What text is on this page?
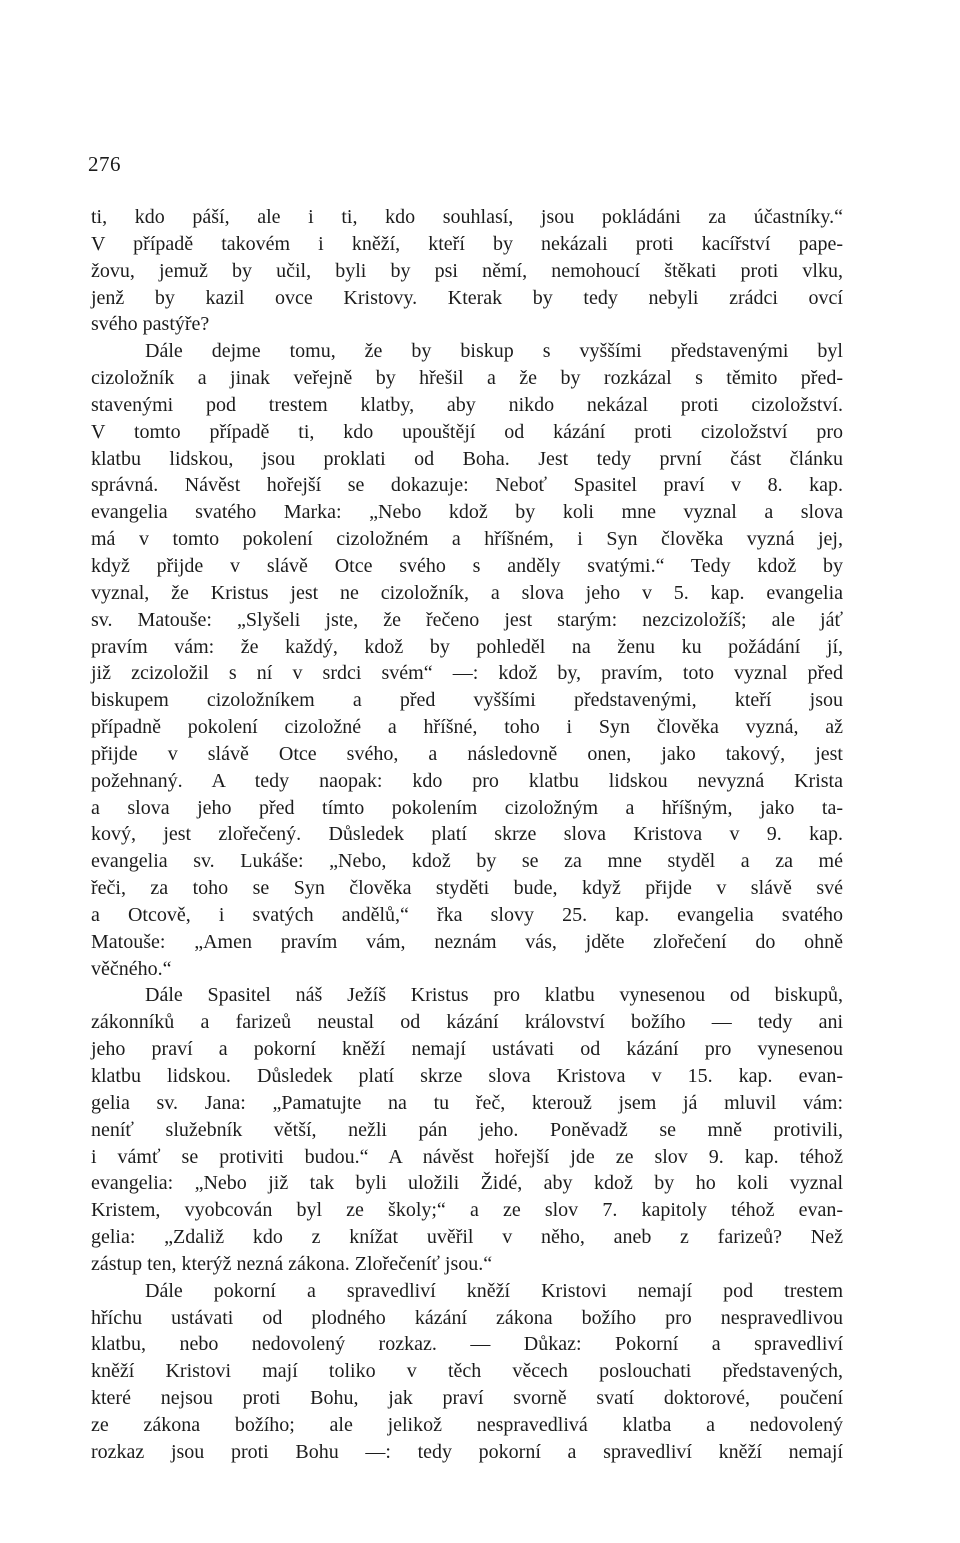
276
ti, kdo páší, ale i ti, kdo souhlasí, jsou pokládáni za účastníky.“
V případě takovém i kněží, kteří by nekázali proti kacířství pape-
žovu, jemuž by učil, byli by psi němí, nemohoucí štěkati proti vlku,
jenž by kazil ovce Kristovy. Kterak by tedy nebyli zrádci ovcí
svého pastýře?
Dále dejme tomu, že by biskup s vyššími představenými byl
cizoložník a jinak veřejně by hřešil a že by rozkázal s těmito před-
stavenými pod trestem klatby, aby nikdo nekázal proti cizoložství.
V tomto případě ti, kdo upouštějí od kázání proti cizoložství pro
klatbu lidskou, jsou proklati od Boha. Jest tedy první část článku
správná. Návěst hořejší se dokazuje: Neboť Spasitel praví v 8. kap.
evangelia svatého Marka: „Nebo kdož by koli mne vyznal a slova
má v tomto pokolení cizoložném a hříšném, i Syn člověka vyzná jej,
když přijde v slávě Otce svého s anděly svatými.“ Tedy kdož by
vyznal, že Kristus jest ne cizoložník, a slova jeho v 5. kap. evangelia
sv. Matouše: „Slyšeli jste, že řečeno jest starým: nezcizoložíš; ale jáť
pravím vám: že každý, kdož by pohleděl na ženu ku požádání jí,
již zcizoložil s ní v srdci svém“ —: kdož by, pravím, toto vyznal před
biskupem cizoložníkem a před vyššími představenými, kteří jsou
případně pokolení cizoložné a hříšné, toho i Syn člověka vyzná, až
přijde v slávě Otce svého, a následovně onen, jako takový, jest
požehnaný. A tedy naopak: kdo pro klatbu lidskou nevyzná Krista
a slova jeho před tímto pokolením cizoložným a hříšným, jako ta-
kový, jest zlořečený. Důsledek platí skrze slova Kristova v 9. kap.
evangelia sv. Lukáše: „Nebo, kdož by se za mne styděl a za mé
řeči, za toho se Syn člověka styděti bude, když přijde v slávě své
a Otcově, i svatých andělů,“ řka slovy 25. kap. evangelia svatého
Matouše: „Amen pravím vám, neznám vás, jděte zlořečení do ohně
věčného.“
Dále Spasitel náš Ježíš Kristus pro klatbu vynesenou od biskupů,
zákonníků a farizeů neustal od kázání království božího — tedy ani
jeho praví a pokorní kněží nemají ustávati od kázání pro vynesenou
klatbu lidskou. Důsledek platí skrze slova Kristova v 15. kap. evan-
gelia sv. Jana: „Pamatujte na tu řeč, kterouž jsem já mluvil vám:
neníť služebník větší, nežli pán jeho. Poněvadž se mně protivili,
i vámť se protiviti budou.“ A návěst hořejší jde ze slov 9. kap. téhož
evangelia: „Nebo již tak byli uložili Židé, aby kdož by ho koli vyznal
Kristem, vyobcován byl ze školy;“ a ze slov 7. kapitoly téhož evan-
gelia: „Zdaliž kdo z knížat uvěřil v něho, aneb z farizeů? Než
zástup ten, kterýž nezná zákona. Zlořečeníť jsou.“
Dále pokorní a spravedliví kněží Kristovi nemají pod trestem
hříchu ustávati od plodného kázání zákona božího pro nespravedlivou
klatbu, nebo nedovolený rozkaz. — Důkaz: Pokorní a spravedliví
kněží Kristovi mají toliko v těch věcech poslouchati představených,
které nejsou proti Bohu, jak praví svorně svatí doktorové, poučení
ze zákona božího; ale jelikož nespravedlivá klatba a nedovolený
rozkaz jsou proti Bohu —: tedy pokorní a spravedliví kněží nemají
